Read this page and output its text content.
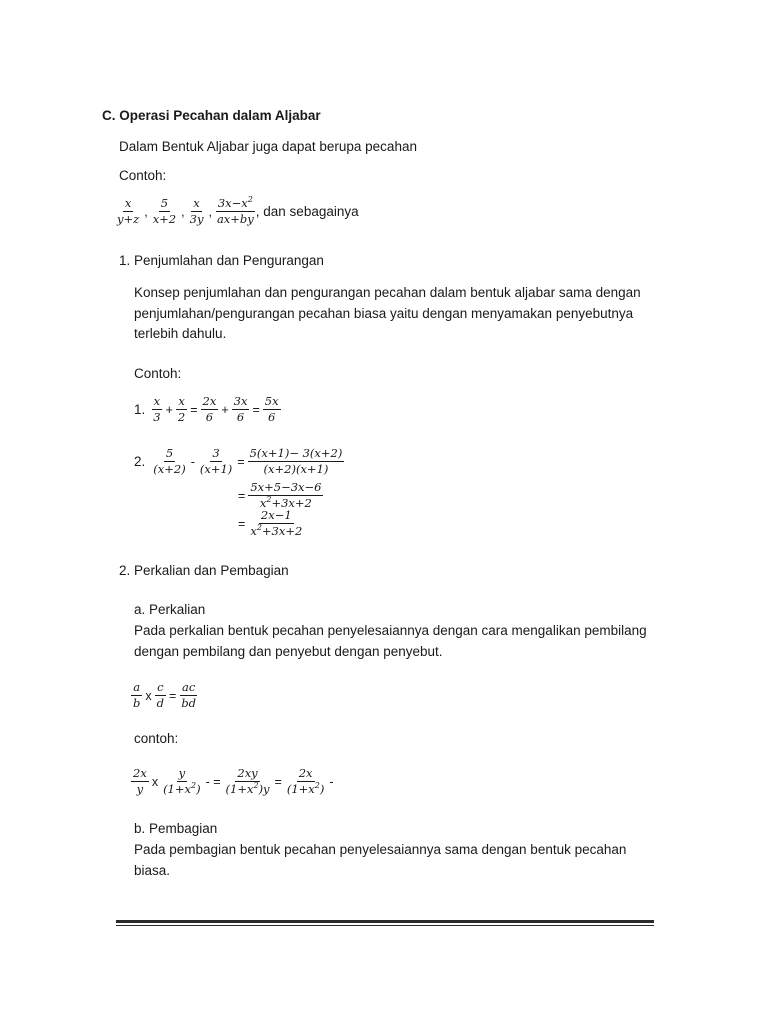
C. Operasi Pecahan dalam Aljabar
Dalam Bentuk Aljabar juga dapat berupa pecahan
Contoh:
$\frac{x}{y+z}$ , $\frac{5}{x+2}$ , $\frac{x}{3y}$ , $\frac{3x-x^2}{ax+by}$ , dan sebagainya
1. Penjumlahan dan Pengurangan
Konsep penjumlahan dan pengurangan pecahan dalam bentuk aljabar sama dengan penjumlahan/pengurangan pecahan biasa yaitu dengan menyamakan penyebutnya terlebih dahulu.
Contoh:
1. $\frac{x}{3} + \frac{x}{2} = \frac{2x}{6} + \frac{3x}{6} = \frac{5x}{6}$
2. $\frac{5}{(x+2)} - \frac{3}{(x+1)} = \frac{5(x+1)- 3(x+2)}{(x+2)(x+1)}$
= $\frac{5x+5-3x-6}{x^2+3x+2}$
= $\frac{2x-1}{x^2+3x+2}$
2. Perkalian dan Pembagian
a. Perkalian
Pada perkalian bentuk pecahan penyelesaiannya dengan cara mengalikan pembilang dengan pembilang dan penyebut dengan penyebut.
$\frac{a}{b}$ x $\frac{c}{d} = \frac{ac}{bd}$
contoh:
$\frac{2x}{y}$ x $\frac{y}{(1+x^2)}$ - = $\frac{2xy}{(1+x^2)y} = \frac{2x}{(1+x^2)}$ -
b. Pembagian
Pada pembagian bentuk pecahan penyelesaiannya sama dengan bentuk pecahan biasa.
